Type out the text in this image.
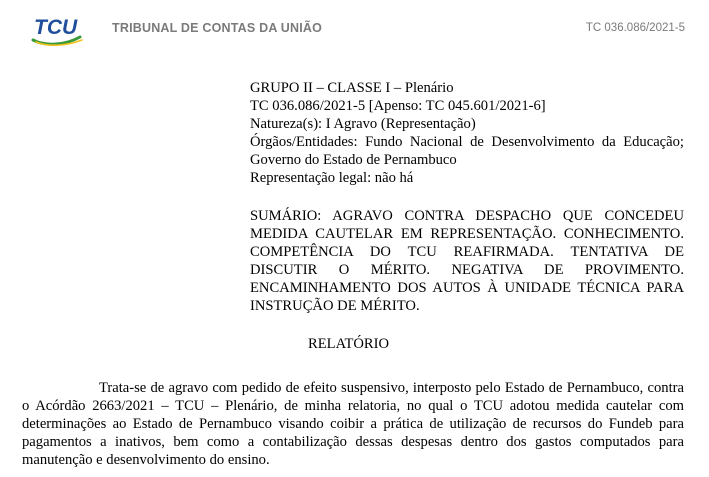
TCU	TRIBUNAL DE CONTAS DA UNIÃO	TC 036.086/2021-5
GRUPO II – CLASSE I – Plenário
TC 036.086/2021-5 [Apenso: TC 045.601/2021-6]
Natureza(s): I Agravo (Representação)
Órgãos/Entidades: Fundo Nacional de Desenvolvimento da Educação; Governo do Estado de Pernambuco
Representação legal: não há
SUMÁRIO: AGRAVO CONTRA DESPACHO QUE CONCEDEU MEDIDA CAUTELAR EM REPRESENTAÇÃO. CONHECIMENTO. COMPETÊNCIA DO TCU REAFIRMADA. TENTATIVA DE DISCUTIR O MÉRITO. NEGATIVA DE PROVIMENTO. ENCAMINHAMENTO DOS AUTOS À UNIDADE TÉCNICA PARA INSTRUÇÃO DE MÉRITO.
RELATÓRIO
Trata-se de agravo com pedido de efeito suspensivo, interposto pelo Estado de Pernambuco, contra o Acórdão 2663/2021 – TCU – Plenário, de minha relatoria, no qual o TCU adotou medida cautelar com determinações ao Estado de Pernambuco visando coibir a prática de utilização de recursos do Fundeb para pagamentos a inativos, bem como a contabilização dessas despesas dentro dos gastos computados para manutenção e desenvolvimento do ensino.
